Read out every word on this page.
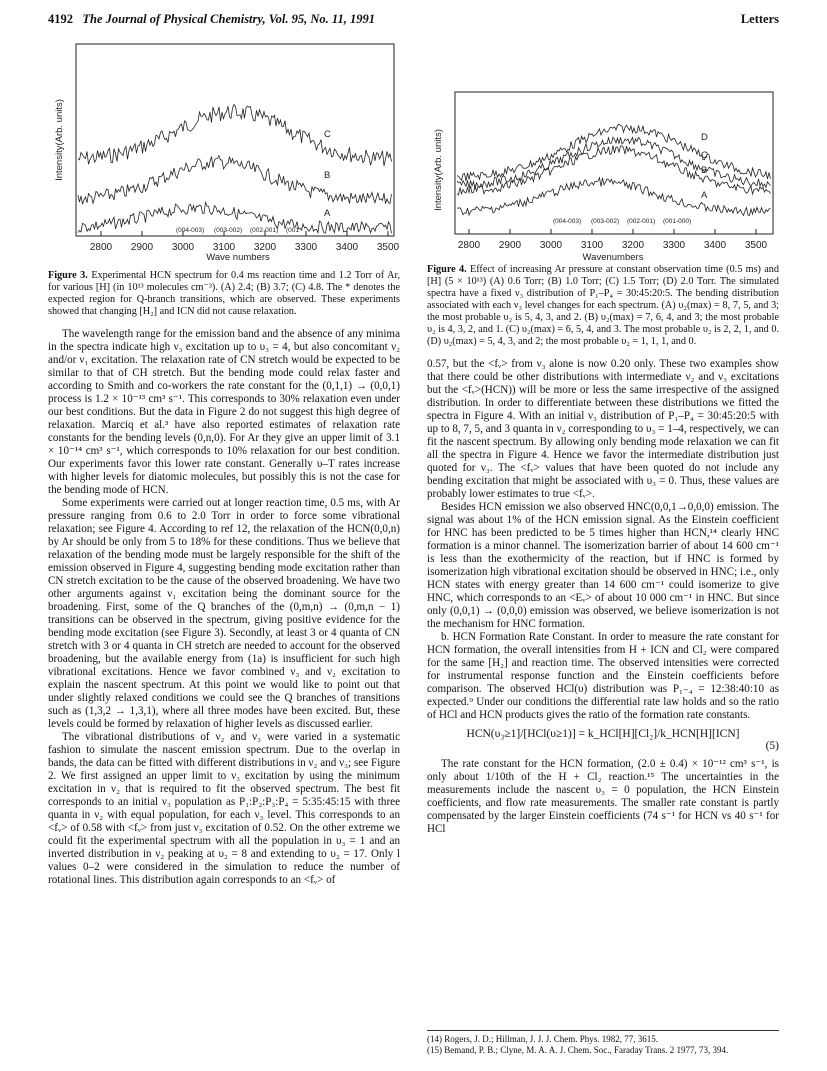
4192 The Journal of Physical Chemistry, Vol. 95, No. 11, 1991	Letters
Intensity(Arb. units)	C
B
A
(004-003) (003-002) (002-001) (001
2800 2900 3000 3100 3200 3300 3400 3500
Wave numbers
Figure 3. Experimental HCN spectrum for 0.4 ms reaction time and 1.2 Torr of Ar, for various [H] (in 10¹³ molecules cm⁻³). (A) 2.4; (B) 3.7; (C) 4.8. The * denotes the expected region for Q-branch transitions, which are observed. These experiments showed that changing [H₂] and ICN did not cause relaxation.

The wavelength range for the emission band and the absence of any minima in the spectra indicate high ν₃ excitation up to υ₃ = 4, but also concomitant ν₂ and/or ν₁ excitation. The relaxation rate of CN stretch would be expected to be similar to that of CH stretch. But the bending mode could relax faster and according to Smith and co-workers the rate constant for the (0,1,1) → (0,0,1) process is 1.2 × 10⁻¹³ cm³ s⁻¹. This corresponds to 30% relaxation even under our best conditions. But the data in Figure 2 do not suggest this high degree of relaxation. Marciq et al.³ have also reported estimates of relaxation rate constants for the bending levels (0,n,0). For Ar they give an upper limit of 3.1 × 10⁻¹⁴ cm³ s⁻¹, which corresponds to 10% relaxation for our best condition. Our experiments favor this lower rate constant. Generally υ–T rates increase with higher levels for diatomic molecules, but possibly this is not the case for the bending mode of HCN.

Some experiments were carried out at longer reaction time, 0.5 ms, with Ar pressure ranging from 0.6 to 2.0 Torr in order to force some vibrational relaxation; see Figure 4. According to ref 12, the relaxation of the HCN(0,0,n) by Ar should be only from 5 to 18% for these conditions. Thus we believe that relaxation of the bending mode must be largely responsible for the shift of the emission observed in Figure 4, suggesting bending mode excitation rather than CN stretch excitation to be the cause of the observed broadening. We have two other arguments against ν₁ excitation being the dominant source for the broadening. First, some of the Q branches of the (0,m,n) → (0,m,n − 1) transitions can be observed in the spectrum, giving positive evidence for the bending mode excitation (see Figure 3). Secondly, at least 3 or 4 quanta of CN stretch with 3 or 4 quanta in CH stretch are needed to account for the observed broadening, but the available energy from (1a) is insufficient for such high vibrational excitations. Hence we favor combined ν₃ and ν₂ excitation to explain the nascent spectrum. At this point we would like to point out that under slightly relaxed conditions we could see the Q branches of transitions such as (1,3,2 → 1,3,1), where all three modes have been excited. But, these levels could be formed by relaxation of higher levels as discussed earlier.

The vibrational distributions of ν₂ and ν₃ were varied in a systematic fashion to simulate the nascent emission spectrum. Due to the overlap in bands, the data can be fitted with different distributions in ν₂ and ν₃; see Figure 2. We first assigned an upper limit to ν₃ excitation by using the minimum excitation in ν₂ that is required to fit the observed spectrum. The best fit corresponds to an initial ν₃ population as P₁:P₂:P₃:P₄ = 5:35:45:15 with three quanta in ν₂ with equal population, for each ν₃ level. This corresponds to an <fᵥ> of 0.58 with <fᵥ> from just ν₃ excitation of 0.52. On the other extreme we could fit the experimental spectrum with all the population in υ₃ = 1 and an inverted distribution in ν₂ peaking at υ₂ = 8 and extending to υ₂ = 17. Only l values 0–2 were considered in the simulation to reduce the number of rotational lines. This distribution again corresponds to an <fᵥ> of

Intensity(Arb. units)	D
C
B
A
(004-003) (003-002) (002-001) (001-000)
2800 2900 3000 3100 3200 3300 3400 3500
Wavenumbers
Figure 4. Effect of increasing Ar pressure at constant observation time (0.5 ms) and [H] (5 × 10¹³) (A) 0.6 Torr; (B) 1.0 Torr; (C) 1.5 Torr; (D) 2.0 Torr. The simulated spectra have a fixed ν₃ distribution of P₁–P₄ = 30:45:20:5. The bending distribution associated with each ν₃ level changes for each spectrum. (A) υ₂(max) = 8, 7, 5, and 3; the most probable υ₂ is 5, 4, 3, and 2. (B) υ₂(max) = 7, 6, 4, and 3; the most probable υ₂ is 4, 3, 2, and 1. (C) υ₂(max) = 6, 5, 4, and 3. The most probable υ₂ is 2, 2, 1, and 0. (D) υ₂(max) = 5, 4, 3, and 2; the most probable υ₂ = 1, 1, 1, and 0.

0.57, but the <fᵥ> from ν₃ alone is now 0.20 only. These two examples show that there could be other distributions with intermediate ν₂ and ν₃ excitations but the <fᵥ>(HCN)) will be more or less the same irrespective of the assigned distribution. In order to differentiate between these distributions we fitted the spectra in Figure 4. With an initial ν₃ distribution of P₁–P₄ = 30:45:20:5 with up to 8, 7, 5, and 3 quanta in ν₂ corresponding to υ₃ = 1–4, respectively, we can fit the nascent spectrum. By allowing only bending mode relaxation we can fit all the spectra in Figure 4. Hence we favor the intermediate distribution just quoted for ν₃. The <fᵥ> values that have been quoted do not include any bending excitation that might be associated with υ₃ = 0. Thus, these values are probably lower estimates to true <fᵥ>.

Besides HCN emission we also observed HNC(0,0,1→0,0,0) emission. The signal was about 1% of the HCN emission signal. As the Einstein coefficient for HNC has been predicted to be 5 times higher than HCN,¹⁴ clearly HNC formation is a minor channel. The isomerization barrier of about 14 600 cm⁻¹ is less than the exothermicity of the reaction, but if HNC is formed by isomerization high vibrational excitation should be observed in HNC; i.e., only HCN states with energy greater than 14 600 cm⁻¹ could isomerize to give HNC, which corresponds to an <Eᵥ> of about 10 000 cm⁻¹ in HNC. But since only (0,0,1) → (0,0,0) emission was observed, we believe isomerization is not the mechanism for HNC formation.

b. HCN Formation Rate Constant. In order to measure the rate constant for HCN formation, the overall intensities from H + ICN and Cl₂ were compared for the same [H₂] and reaction time. The observed intensities were corrected for instrumental response function and the Einstein coefficients before comparison. The observed HCl(υ) distribution was P₁₋₄ = 12:38:40:10 as expected.⁹ Under our conditions the differential rate law holds and so the ratio of HCl and HCN products gives the ratio of the formation rate constants.

HCN(υ₃≥1]/[HCl(υ≥1)] = k_HCl[H][Cl₂]/k_HCN[H][ICN]
(5)

The rate constant for the HCN formation, (2.0 ± 0.4) × 10⁻¹² cm³ s⁻¹, is only about 1/10th of the H + Cl₂ reaction.¹⁵ The uncertainties in the measurements include the nascent υ₃ = 0 population, the HCN Einstein coefficients, and flow rate measurements. The smaller rate constant is partly compensated by the larger Einstein coefficients (74 s⁻¹ for HCN vs 40 s⁻¹ for HCl

(14) Rogers, J. D.; Hillman, J. J. J. Chem. Phys. 1982, 77, 3615.
(15) Bemand, P. B.; Clyne, M. A. A. J. Chem. Soc., Faraday Trans. 2 1977, 73, 394.
